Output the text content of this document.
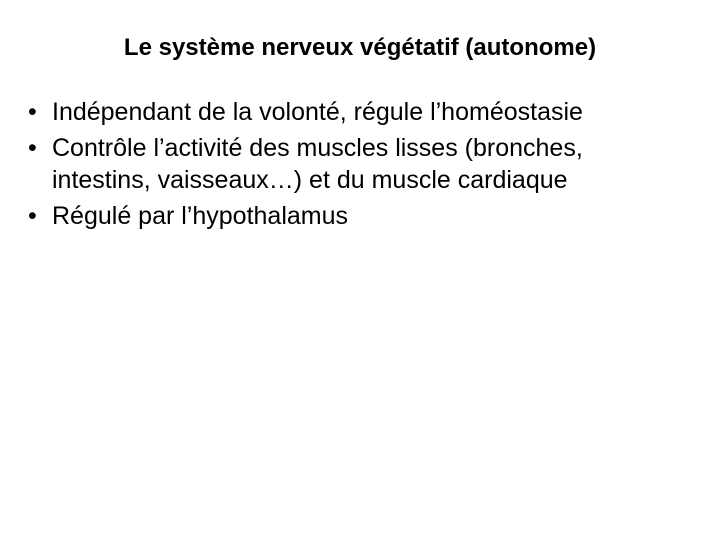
Le système nerveux végétatif (autonome)
• Indépendant de la volonté, régule l’homéostasie
• Contrôle l’activité des muscles lisses (bronches, intestins, vaisseaux…) et du muscle cardiaque
• Régulé par l’hypothalamus
